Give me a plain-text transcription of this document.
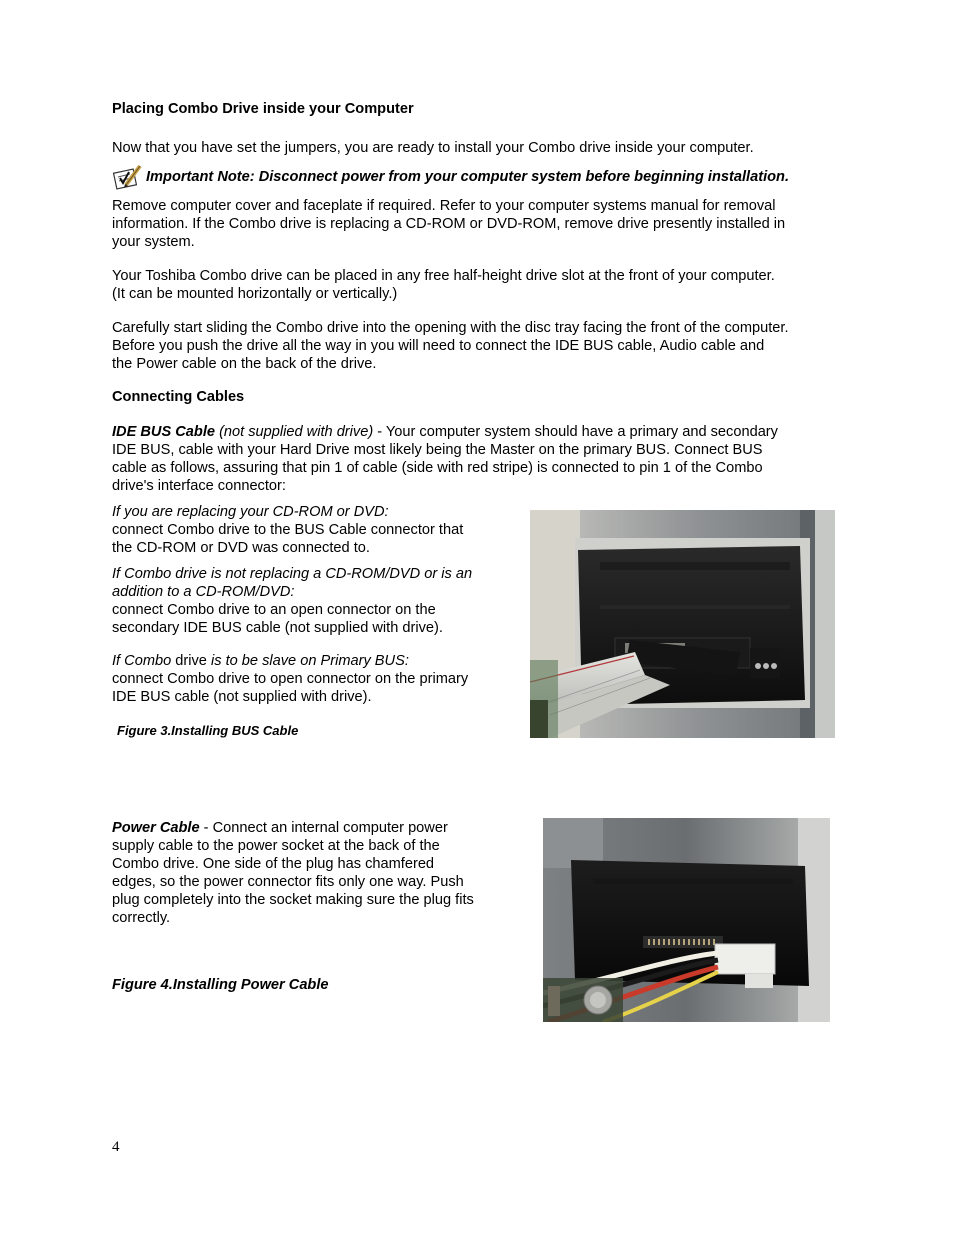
Placing Combo Drive inside your Computer
Now that you have set the jumpers, you are ready to install your Combo drive inside your computer.
Important Note: Disconnect power from your computer system before beginning installation.
Remove computer cover and faceplate if required. Refer to your computer systems manual for removal
information. If the Combo drive is replacing a CD-ROM or DVD-ROM, remove drive presently installed in
your system.
Your Toshiba Combo drive can be placed in any free half-height drive slot at the front of your computer.
(It can be mounted horizontally or vertically.)
Carefully start sliding the Combo drive into the opening with the disc tray facing the front of the computer.
Before you push the drive all the way in you will need to connect the IDE BUS cable, Audio cable and
the Power cable on the back of the drive.
Connecting Cables
IDE BUS Cable (not supplied with drive) - Your computer system should have a primary and secondary
IDE BUS, cable with your Hard Drive most likely being the Master on the primary BUS. Connect BUS
cable as follows, assuring that pin 1 of cable (side with red stripe) is connected to pin 1 of the Combo
drive's interface connector:
If you are replacing your CD-ROM or DVD:
connect Combo drive to the BUS Cable connector that
the CD-ROM or DVD was connected to.
If Combo drive is not replacing a CD-ROM/DVD or is an
addition to a CD-ROM/DVD:
connect Combo drive to an open connector on the
secondary IDE BUS cable (not supplied with drive).
If Combo drive is to be slave on Primary BUS:
connect Combo drive to open connector on the primary
IDE BUS cable (not supplied with drive).
Figure 3.Installing BUS Cable
Power Cable - Connect an internal computer power
supply cable to the power socket at the back of the
Combo drive. One side of the plug has chamfered
edges, so the power connector fits only one way. Push
plug completely into the socket making sure the plug fits
correctly.
Figure 4.Installing Power Cable
4
